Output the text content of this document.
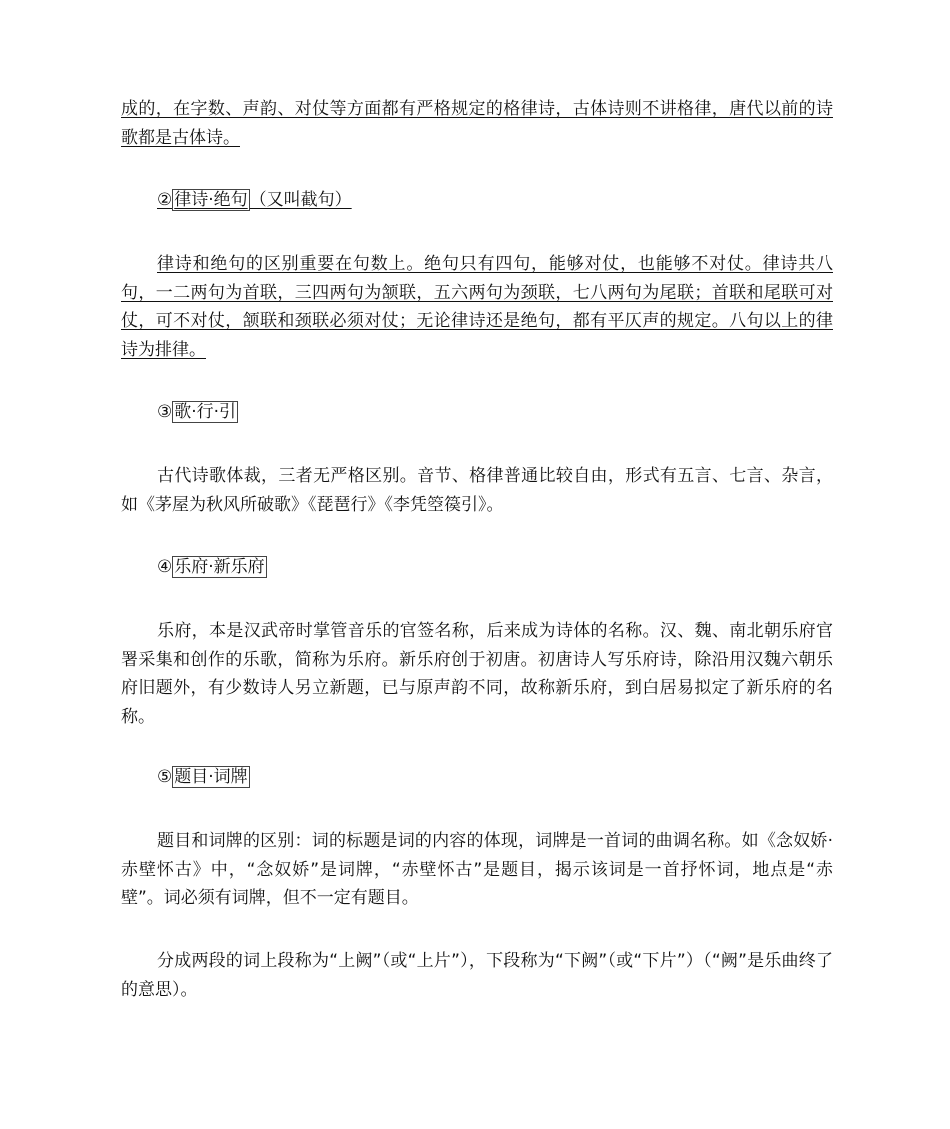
成的，在字数、声韵、对仗等方面都有严格规定的格律诗，古体诗则不讲格律，唐代以前的诗歌都是古体诗。

② 律诗·绝句 （又叫截句）

律诗和绝句的区别重要在句数上。绝句只有四句，能够对仗，也能够不对仗。律诗共八句，一二两句为首联，三四两句为颔联，五六两句为颈联，七八两句为尾联；首联和尾联可对仗，可不对仗，颔联和颈联必须对仗；无论律诗还是绝句，都有平仄声的规定。八句以上的律诗为排律。

③ 歌·行·引

古代诗歌体裁，三者无严格区别。音节、格律普通比较自由，形式有五言、七言、杂言，如《茅屋为秋风所破歌》《琵琶行》《李凭箜篌引》。

④ 乐府·新乐府

乐府，本是汉武帝时掌管音乐的官签名称，后来成为诗体的名称。汉、魏、南北朝乐府官署采集和创作的乐歌，简称为乐府。新乐府创于初唐。初唐诗人写乐府诗，除沿用汉魏六朝乐府旧题外，有少数诗人另立新题，已与原声韵不同，故称新乐府，到白居易拟定了新乐府的名称。

⑤ 题目·词牌

题目和词牌的区别：词的标题是词的内容的体现，词牌是一首词的曲调名称。如《念奴娇·赤壁怀古》中，“念奴娇”是词牌，“赤壁怀古”是题目，揭示该词是一首抒怀词，地点是“赤壁”。词必须有词牌，但不一定有题目。

分成两段的词上段称为“上阙”（或“上片”），下段称为“下阙”（或“下片”）（“阙”是乐曲终了的意思）。
